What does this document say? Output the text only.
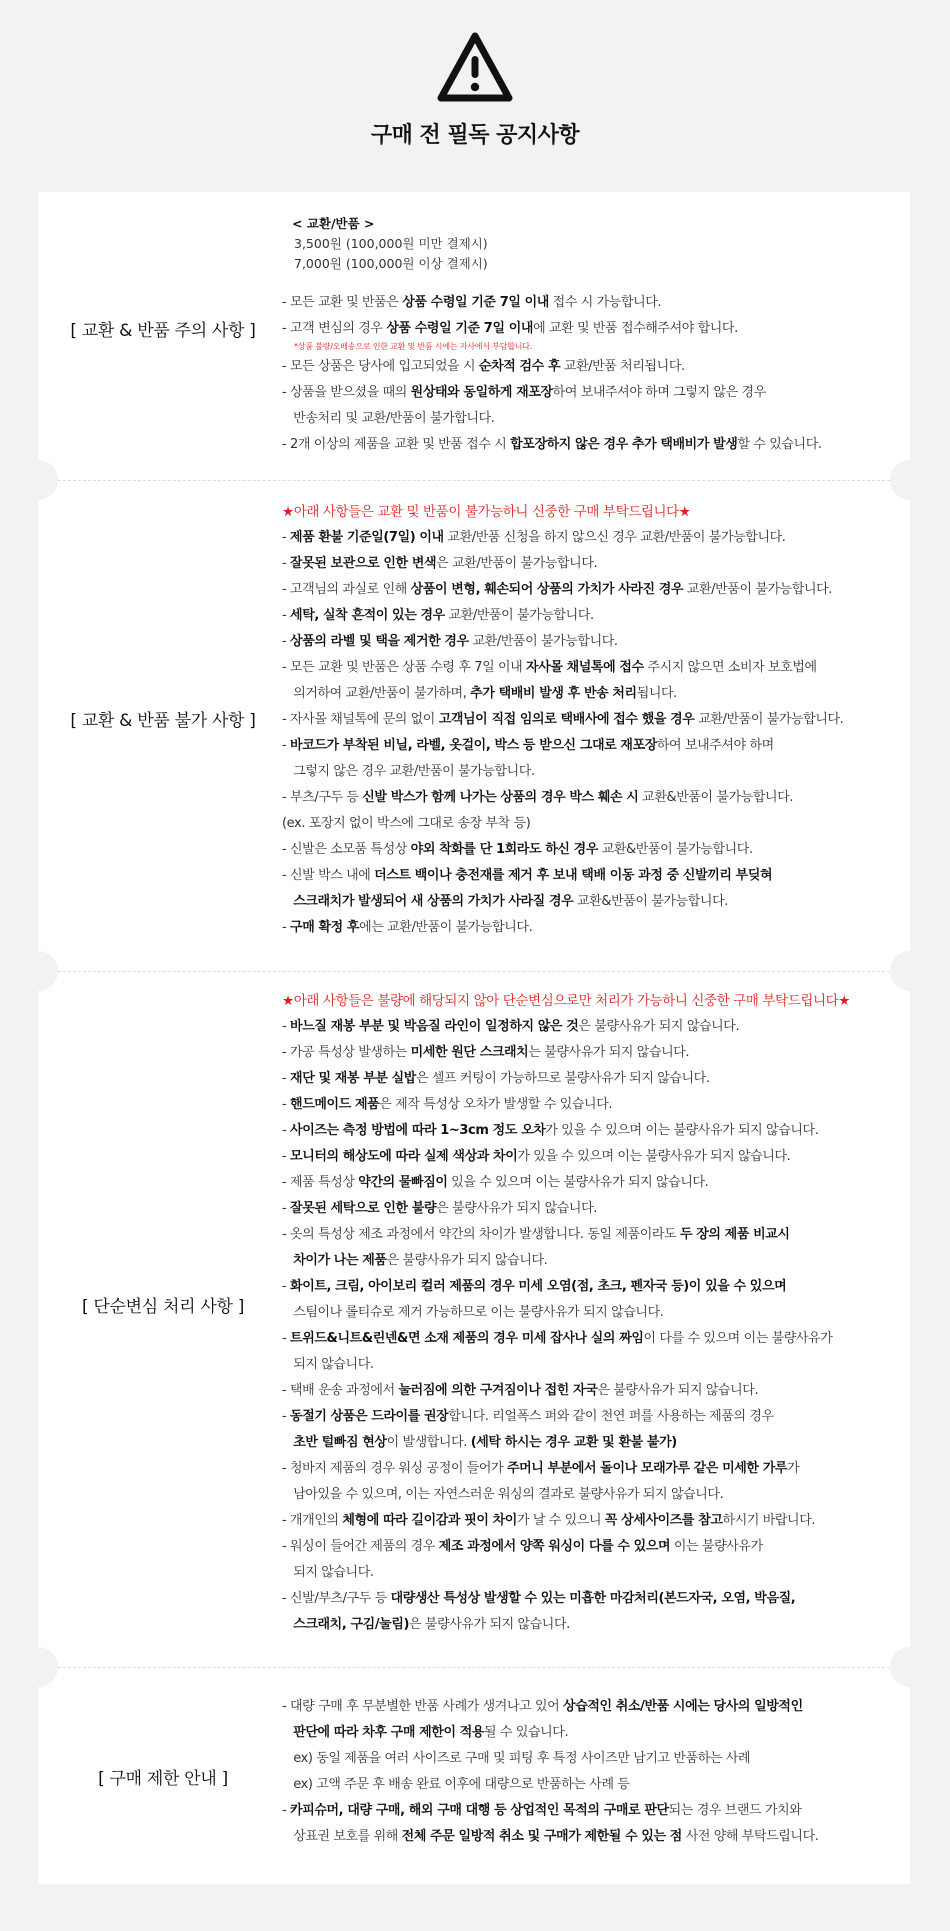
구매 전 필독 공지사항
[ 교환 & 반품 주의 사항 ]
< 교환/반품 >
3,500원 (100,000원 미만 결제시)
7,000원 (100,000원 이상 결제시)
- 모든 교환 및 반품은 상품 수령일 기준 7일 이내 접수 시 가능합니다.
- 고객 변심의 경우 상품 수령일 기준 7일 이내에 교환 및 반품 접수해주셔야 합니다.
*상품 불량/오배송으로 인한 교환 및 반품 시에는 자사에서 부담합니다.
- 모든 상품은 당사에 입고되었을 시 순차적 검수 후 교환/반품 처리됩니다.
- 상품을 받으셨을 때의 원상태와 동일하게 재포장하여 보내주셔야 하며 그렇지 않은 경우
반송처리 및 교환/반품이 불가합니다.
- 2개 이상의 제품을 교환 및 반품 접수 시 합포장하지 않은 경우 추가 택배비가 발생할 수 있습니다.
[ 교환 & 반품 불가 사항 ]
★아래 사항들은 교환 및 반품이 불가능하니 신중한 구매 부탁드립니다★
- 제품 환불 기준일(7일) 이내 교환/반품 신청을 하지 않으신 경우 교환/반품이 불가능합니다.
- 잘못된 보관으로 인한 변색은 교환/반품이 불가능합니다.
- 고객님의 과실로 인해 상품이 변형, 훼손되어 상품의 가치가 사라진 경우 교환/반품이 불가능합니다.
- 세탁, 실착 흔적이 있는 경우 교환/반품이 불가능합니다.
- 상품의 라벨 및 택을 제거한 경우 교환/반품이 불가능합니다.
- 모든 교환 및 반품은 상품 수령 후 7일 이내 자사몰 채널톡에 접수 주시지 않으면 소비자 보호법에
의거하여 교환/반품이 불가하며, 추가 택배비 발생 후 반송 처리됩니다.
- 자사몰 채널톡에 문의 없이 고객님이 직접 임의로 택배사에 접수 했을 경우 교환/반품이 불가능합니다.
- 바코드가 부착된 비닐, 라벨, 옷걸이, 박스 등 받으신 그대로 재포장하여 보내주셔야 하며
그렇지 않은 경우 교환/반품이 불가능합니다.
- 부츠/구두 등 신발 박스가 함께 나가는 상품의 경우 박스 훼손 시 교환&반품이 불가능합니다.
(ex. 포장지 없이 박스에 그대로 송장 부착 등)
- 신발은 소모품 특성상 야외 착화를 단 1회라도 하신 경우 교환&반품이 불가능합니다.
- 신발 박스 내에 더스트 백이나 충전재를 제거 후 보내 택배 이동 과정 중 신발끼리 부딪혀
스크래치가 발생되어 새 상품의 가치가 사라질 경우 교환&반품이 불가능합니다.
- 구매 확정 후에는 교환/반품이 불가능합니다.
[ 단순변심 처리 사항 ]
★아래 사항들은 불량에 해당되지 않아 단순변심으로만 처리가 가능하니 신중한 구매 부탁드립니다★
- 바느질 재봉 부분 및 박음질 라인이 일정하지 않은 것은 불량사유가 되지 않습니다.
- 가공 특성상 발생하는 미세한 원단 스크래치는 불량사유가 되지 않습니다.
- 재단 및 재봉 부분 실밥은 셀프 커팅이 가능하므로 불량사유가 되지 않습니다.
- 핸드메이드 제품은 제작 특성상 오차가 발생할 수 있습니다.
- 사이즈는 측정 방법에 따라 1~3cm 정도 오차가 있을 수 있으며 이는 불량사유가 되지 않습니다.
- 모니터의 해상도에 따라 실제 색상과 차이가 있을 수 있으며 이는 불량사유가 되지 않습니다.
- 제품 특성상 약간의 물빠짐이 있을 수 있으며 이는 불량사유가 되지 않습니다.
- 잘못된 세탁으로 인한 불량은 불량사유가 되지 않습니다.
- 옷의 특성상 제조 과정에서 약간의 차이가 발생합니다. 동일 제품이라도 두 장의 제품 비교시
차이가 나는 제품은 불량사유가 되지 않습니다.
- 화이트, 크림, 아이보리 컬러 제품의 경우 미세 오염(점, 초크, 펜자국 등)이 있을 수 있으며
스팀이나 롤티슈로 제거 가능하므로 이는 불량사유가 되지 않습니다.
- 트위드&니트&린넨&면 소재 제품의 경우 미세 잡사나 실의 짜임이 다를 수 있으며 이는 불량사유가
되지 않습니다.
- 택배 운송 과정에서 눌러짐에 의한 구겨짐이나 접힌 자국은 불량사유가 되지 않습니다.
- 동절기 상품은 드라이를 권장합니다. 리얼폭스 퍼와 같이 천연 퍼를 사용하는 제품의 경우
초반 털빠짐 현상이 발생합니다. (세탁 하시는 경우 교환 및 환불 불가)
- 청바지 제품의 경우 워싱 공정이 들어가 주머니 부분에서 돌이나 모래가루 같은 미세한 가루가
남아있을 수 있으며, 이는 자연스러운 워싱의 결과로 불량사유가 되지 않습니다.
- 개개인의 체형에 따라 길이감과 핏이 차이가 날 수 있으니 꼭 상세사이즈를 참고하시기 바랍니다.
- 워싱이 들어간 제품의 경우 제조 과정에서 양쪽 워싱이 다를 수 있으며 이는 불량사유가
되지 않습니다.
- 신발/부츠/구두 등 대량생산 특성상 발생할 수 있는 미흡한 마감처리(본드자국, 오염, 박음질,
스크래치, 구김/눌림)은 불량사유가 되지 않습니다.
[ 구매 제한 안내 ]
- 대량 구매 후 무분별한 반품 사례가 생겨나고 있어 상습적인 취소/반품 시에는 당사의 일방적인
판단에 따라 차후 구매 제한이 적용될 수 있습니다.
ex) 동일 제품을 여러 사이즈로 구매 및 피팅 후 특정 사이즈만 남기고 반품하는 사례
ex) 고액 주문 후 배송 완료 이후에 대량으로 반품하는 사례 등
- 카피슈머, 대량 구매, 해외 구매 대행 등 상업적인 목적의 구매로 판단되는 경우 브랜드 가치와
상표권 보호를 위해 전체 주문 일방적 취소 및 구매가 제한될 수 있는 점 사전 양해 부탁드립니다.
